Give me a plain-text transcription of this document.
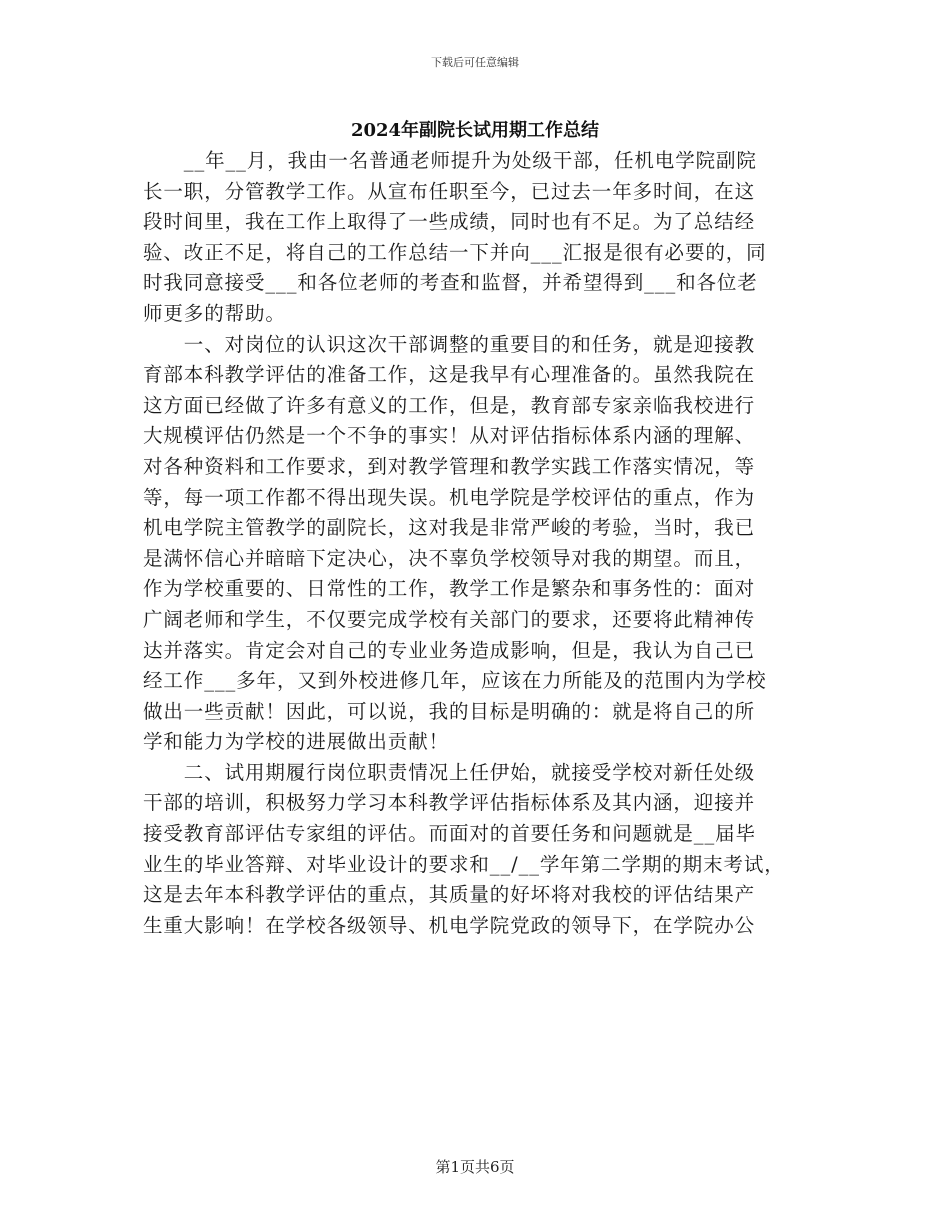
下载后可任意编辑
2024年副院长试用期工作总结
　　__年__月，我由一名普通老师提升为处级干部，任机电学院副院
长一职，分管教学工作。从宣布任职至今，已过去一年多时间，在这
段时间里，我在工作上取得了一些成绩，同时也有不足。为了总结经
验、改正不足，将自己的工作总结一下并向___汇报是很有必要的，同
时我同意接受___和各位老师的考查和监督，并希望得到___和各位老
师更多的帮助。
　　一、对岗位的认识这次干部调整的重要目的和任务，就是迎接教
育部本科教学评估的准备工作，这是我早有心理准备的。虽然我院在
这方面已经做了许多有意义的工作，但是，教育部专家亲临我校进行
大规模评估仍然是一个不争的事实！从对评估指标体系内涵的理解、
对各种资料和工作要求，到对教学管理和教学实践工作落实情况，等
等，每一项工作都不得出现失误。机电学院是学校评估的重点，作为
机电学院主管教学的副院长，这对我是非常严峻的考验，当时，我已
是满怀信心并暗暗下定决心，决不辜负学校领导对我的期望。而且，
作为学校重要的、日常性的工作，教学工作是繁杂和事务性的：面对
广阔老师和学生，不仅要完成学校有关部门的要求，还要将此精神传
达并落实。肯定会对自己的专业业务造成影响，但是，我认为自己已
经工作___多年，又到外校进修几年，应该在力所能及的范围内为学校
做出一些贡献！因此，可以说，我的目标是明确的：就是将自己的所
学和能力为学校的进展做出贡献！
　　二、试用期履行岗位职责情况上任伊始，就接受学校对新任处级
干部的培训，积极努力学习本科教学评估指标体系及其内涵，迎接并
接受教育部评估专家组的评估。而面对的首要任务和问题就是__届毕
业生的毕业答辩、对毕业设计的要求和__/__学年第二学期的期末考试，
这是去年本科教学评估的重点，其质量的好坏将对我校的评估结果产
生重大影响！在学校各级领导、机电学院党政的领导下，在学院办公
第1页共6页
